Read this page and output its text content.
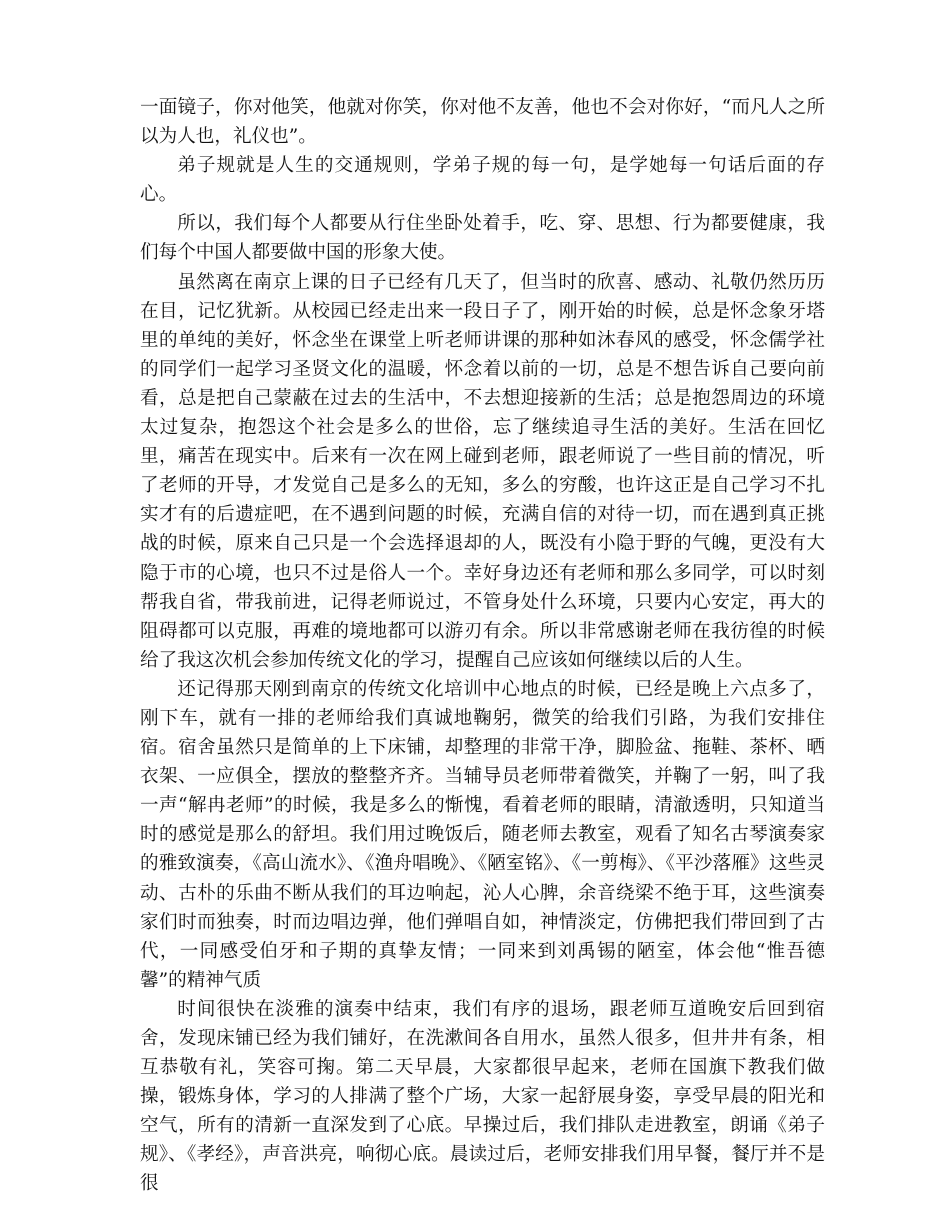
一面镜子，你对他笑，他就对你笑，你对他不友善，他也不会对你好，“而凡人之所以为人也，礼仪也”。

弟子规就是人生的交通规则，学弟子规的每一句，是学她每一句话后面的存心。

所以，我们每个人都要从行住坐卧处着手，吃、穿、思想、行为都要健康，我们每个中国人都要做中国的形象大使。

虽然离在南京上课的日子已经有几天了，但当时的欣喜、感动、礼敬仍然历历在目，记忆犹新。从校园已经走出来一段日子了，刚开始的时候，总是怀念象牙塔里的单纯的美好，怀念坐在课堂上听老师讲课的那种如沐春风的感受，怀念儒学社的同学们一起学习圣贤文化的温暖，怀念着以前的一切，总是不想告诉自己要向前看，总是把自己蒙蔽在过去的生活中，不去想迎接新的生活；总是抱怨周边的环境太过复杂，抱怨这个社会是多么的世俗，忘了继续追寻生活的美好。生活在回忆里，痛苦在现实中。后来有一次在网上碰到老师，跟老师说了一些目前的情况，听了老师的开导，才发觉自己是多么的无知，多么的穷酸，也许这正是自己学习不扎实才有的后遗症吧，在不遇到问题的时候，充满自信的对待一切，而在遇到真正挑战的时候，原来自己只是一个会选择退却的人，既没有小隐于野的气魄，更没有大隐于市的心境，也只不过是俗人一个。幸好身边还有老师和那么多同学，可以时刻帮我自省，带我前进，记得老师说过，不管身处什么环境，只要内心安定，再大的阻碍都可以克服，再难的境地都可以游刃有余。所以非常感谢老师在我彷徨的时候给了我这次机会参加传统文化的学习，提醒自己应该如何继续以后的人生。

还记得那天刚到南京的传统文化培训中心地点的时候，已经是晚上六点多了，刚下车，就有一排的老师给我们真诚地鞠躬，微笑的给我们引路，为我们安排住宿。宿舍虽然只是简单的上下床铺，却整理的非常干净，脚脸盆、拖鞋、茶杯、晒衣架、一应俱全，摆放的整整齐齐。当辅导员老师带着微笑，并鞠了一躬，叫了我一声“解冉老师”的时候，我是多么的惭愧，看着老师的眼睛，清澈透明，只知道当时的感觉是那么的舒坦。我们用过晚饭后，随老师去教室，观看了知名古琴演奏家的雅致演奏，《高山流水》、《渔舟唱晚》、《陋室铭》、《一剪梅》、《平沙落雁》这些灵动、古朴的乐曲不断从我们的耳边响起，沁人心脾，余音绕梁不绝于耳，这些演奏家们时而独奏，时而边唱边弹，他们弹唱自如，神情淡定，仿佛把我们带回到了古代，一同感受伯牙和子期的真挚友情；一同来到刘禹锡的陋室，体会他“惟吾德馨”的精神气质

时间很快在淡雅的演奏中结束，我们有序的退场，跟老师互道晚安后回到宿舍，发现床铺已经为我们铺好，在洗漱间各自用水，虽然人很多，但井井有条，相互恭敬有礼，笑容可掬。第二天早晨，大家都很早起来，老师在国旗下教我们做操，锻炼身体，学习的人排满了整个广场，大家一起舒展身姿，享受早晨的阳光和空气，所有的清新一直深发到了心底。早操过后，我们排队走进教室，朗诵《弟子规》、《孝经》，声音洪亮，响彻心底。晨读过后，老师安排我们用早餐，餐厅并不是很
